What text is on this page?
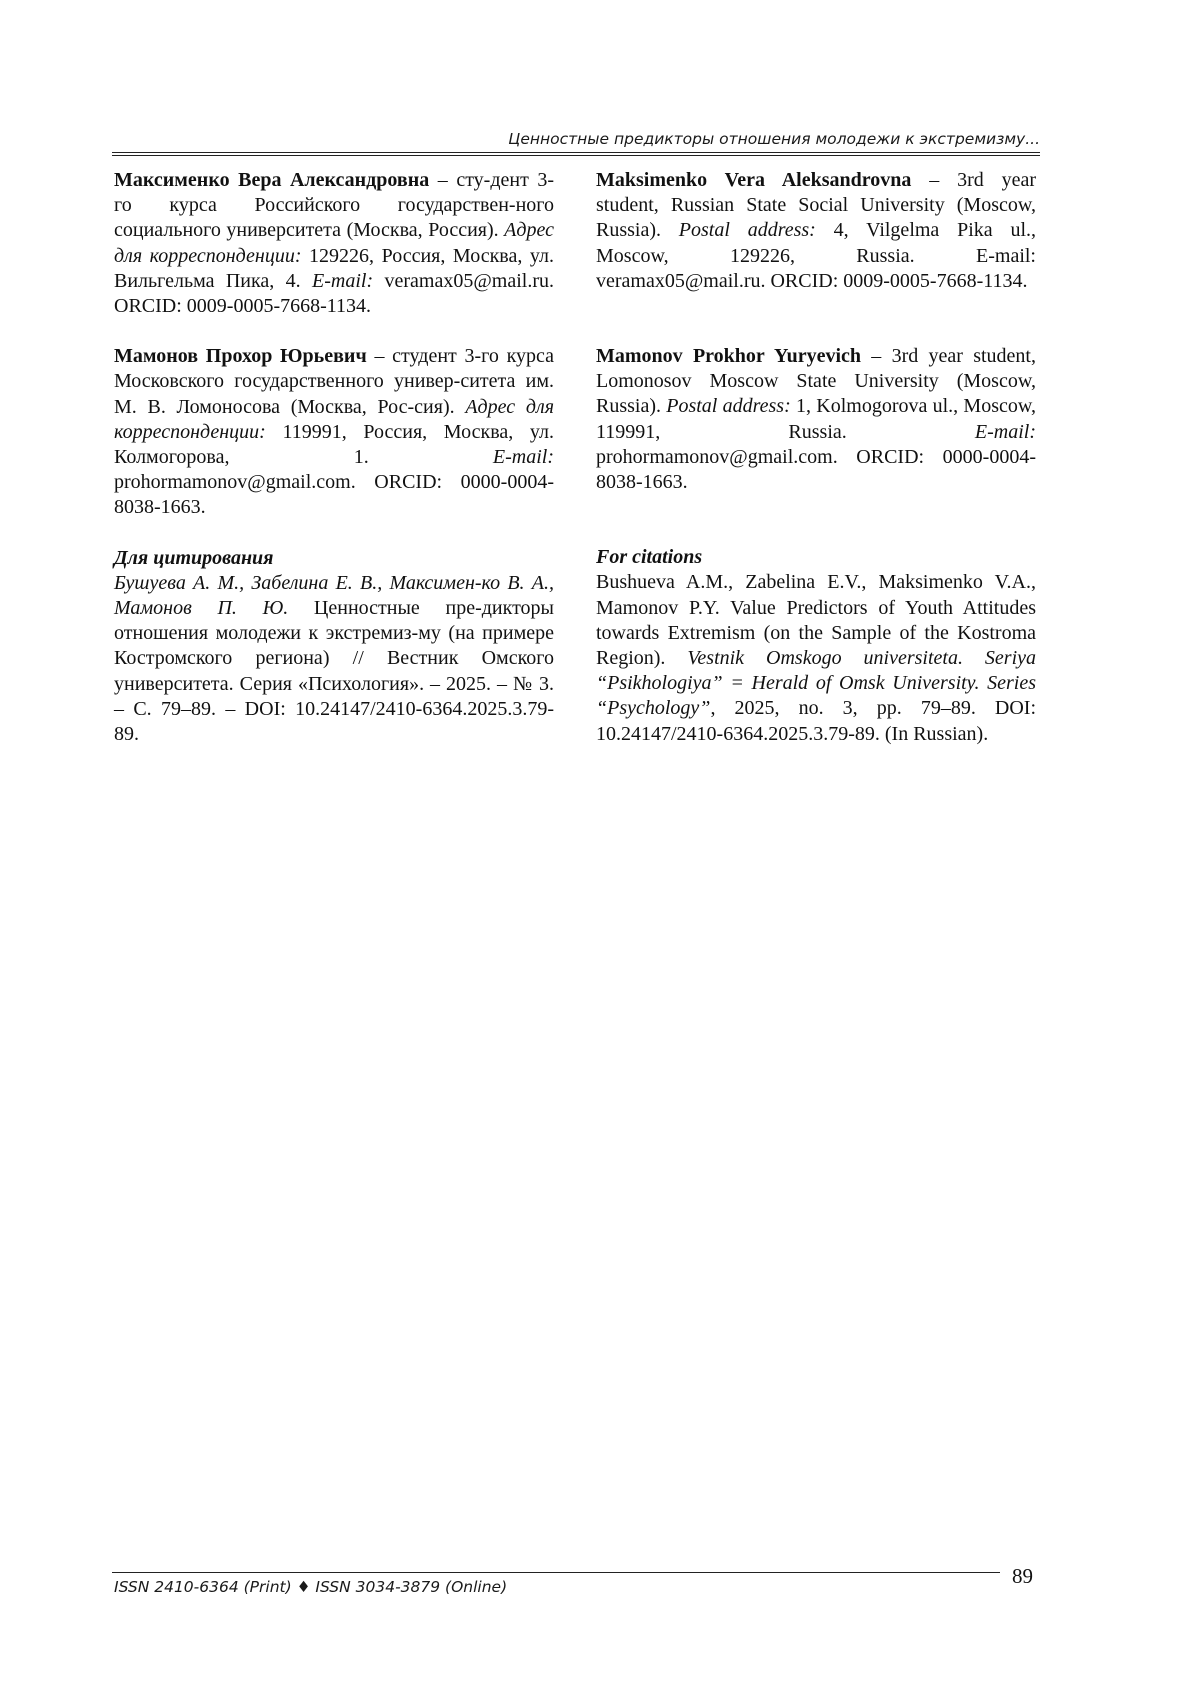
Ценностные предикторы отношения молодежи к экстремизму...

Максименко Вера Александровна – сту-дент 3-го курса Российского государствен-ного социального университета (Москва, Россия). Адрес для корреспонденции: 129226, Россия, Москва, ул. Вильгельма Пика, 4. E-mail: veramax05@mail.ru. ORCID: 0009-0005-7668-1134.

Мамонов Прохор Юрьевич – студент 3-го курса Московского государственного универ-ситета им. М. В. Ломоносова (Москва, Рос-сия). Адрес для корреспонденции: 119991, Россия, Москва, ул. Колмогорова, 1. E-mail: prohormamonov@gmail.com. ORCID: 0000-0004-8038-1663.

Для цитирования
Бушуева А. М., Забелина Е. В., Максимен-ко В. А., Мамонов П. Ю. Ценностные пре-дикторы отношения молодежи к экстремиз-му (на примере Костромского региона) // Вестник Омского университета. Серия «Психология». – 2025. – № 3. – С. 79–89. – DOI: 10.24147/2410-6364.2025.3.79-89.

Maksimenko Vera Aleksandrovna – 3rd year student, Russian State Social University (Moscow, Russia). Postal address: 4, Vilgelma Pika ul., Moscow, 129226, Russia. E-mail: veramax05@mail.ru. ORCID: 0009-0005-7668-1134.

Mamonov Prokhor Yuryevich – 3rd year student, Lomonosov Moscow State University (Moscow, Russia). Postal address: 1, Kolmogorova ul., Moscow, 119991, Russia. E-mail: prohormamonov@gmail.com. ORCID: 0000-0004-8038-1663.

For citations
Bushueva A.M., Zabelina E.V., Maksimenko V.A., Mamonov P.Y. Value Predictors of Youth Attitudes towards Extremism (on the Sample of the Kostroma Region). Vestnik Omskogo universiteta. Seriya “Psikhologiya” = Herald of Omsk University. Series “Psychology”, 2025, no. 3, pp. 79–89. DOI: 10.24147/2410-6364.2025.3.79-89. (In Russian).

ISSN 2410-6364 (Print) ♦ ISSN 3034-3879 (Online)	89
